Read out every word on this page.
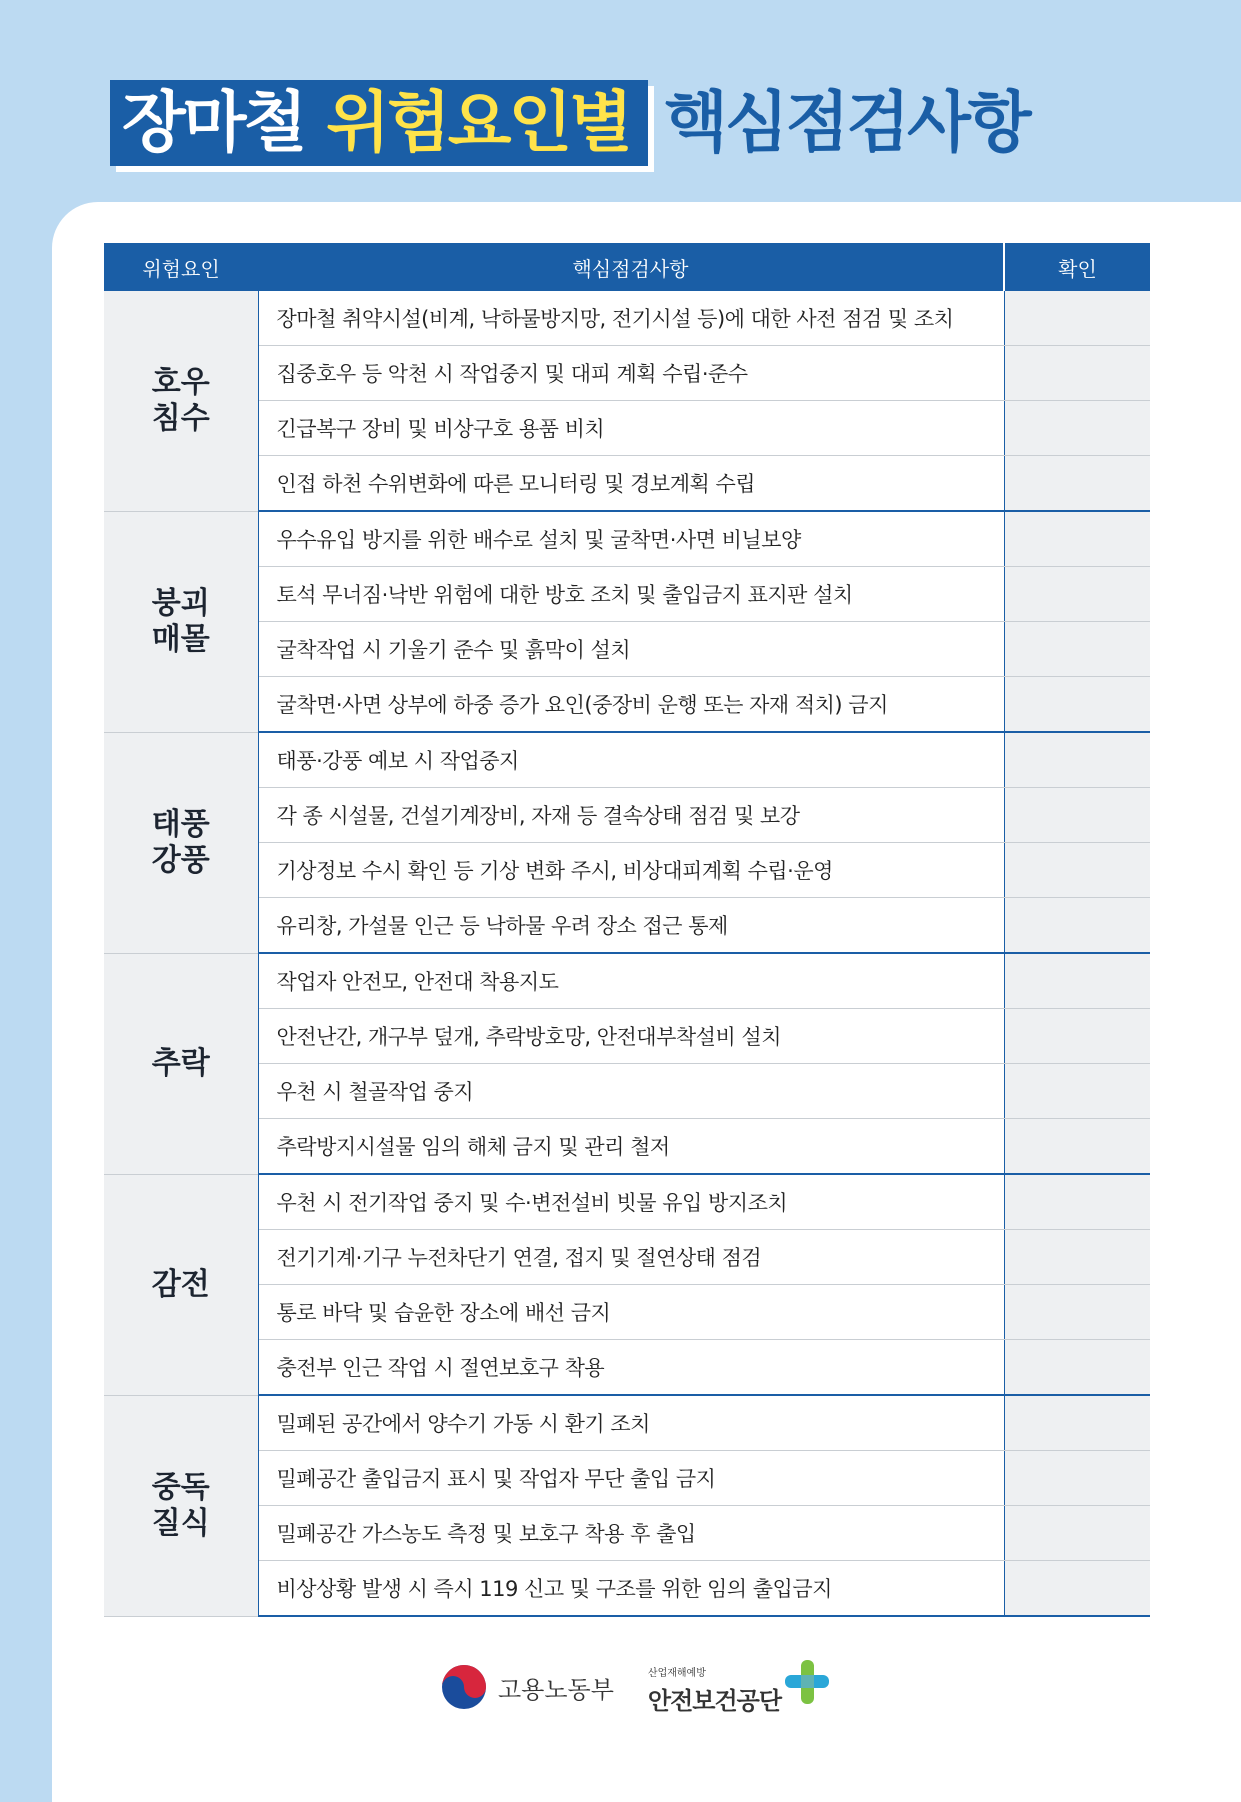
장마철 위험요인별 핵심점검사항
위험요인	핵심점검사항	확인

호우
침수	장마철 취약시설(비계, 낙하물방지망, 전기시설 등)에 대한 사전 점검 및 조치	
	집중호우 등 악천 시 작업중지 및 대피 계획 수립·준수	
	긴급복구 장비 및 비상구호 용품 비치	
	인접 하천 수위변화에 따른 모니터링 및 경보계획 수립	

붕괴
매몰	우수유입 방지를 위한 배수로 설치 및 굴착면·사면 비닐보양	
	토석 무너짐·낙반 위험에 대한 방호 조치 및 출입금지 표지판 설치	
	굴착작업 시 기울기 준수 및 흙막이 설치	
	굴착면·사면 상부에 하중 증가 요인(중장비 운행 또는 자재 적치) 금지	

태풍
강풍	태풍·강풍 예보 시 작업중지	
	각 종 시설물, 건설기계장비, 자재 등 결속상태 점검 및 보강	
	기상정보 수시 확인 등 기상 변화 주시, 비상대피계획 수립·운영	
	유리창, 가설물 인근 등 낙하물 우려 장소 접근 통제	

추락	작업자 안전모, 안전대 착용지도	
	안전난간, 개구부 덮개, 추락방호망, 안전대부착설비 설치	
	우천 시 철골작업 중지	
	추락방지시설물 임의 해체 금지 및 관리 철저	

감전	우천 시 전기작업 중지 및 수·변전설비 빗물 유입 방지조치	
	전기기계·기구 누전차단기 연결, 접지 및 절연상태 점검	
	통로 바닥 및 습윤한 장소에 배선 금지	
	충전부 인근 작업 시 절연보호구 착용	

중독
질식	밀폐된 공간에서 양수기 가동 시 환기 조치	
	밀폐공간 출입금지 표시 및 작업자 무단 출입 금지	
	밀폐공간 가스농도 측정 및 보호구 착용 후 출입	
	비상상황 발생 시 즉시 119 신고 및 구조를 위한 임의 출입금지	
고용노동부
산업재해예방
안전보건공단
